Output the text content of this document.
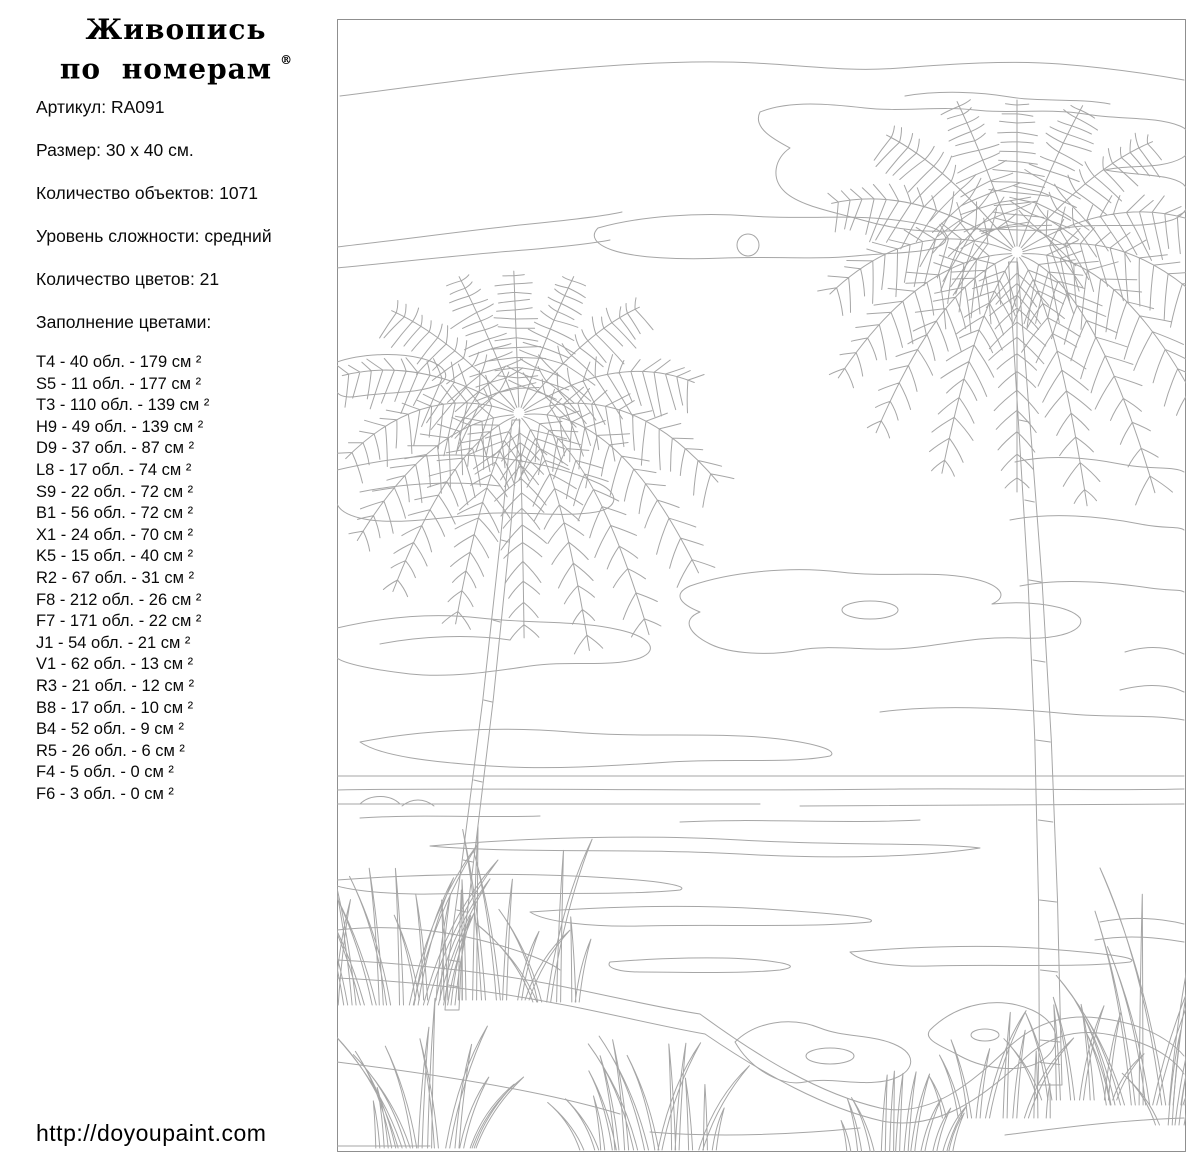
Живопись
по номерам ®

Артикул: RA091

Размер: 30 x 40 см.

Количество объектов: 1071

Уровень сложности: средний

Количество цветов: 21

Заполнение цветами:

T4 - 40 обл. - 179 см ²
S5 - 11 обл. - 177 см ²
T3 - 110 обл. - 139 см ²
H9 - 49 обл. - 139 см ²
D9 - 37 обл. - 87 см ²
L8 - 17 обл. - 74 см ²
S9 - 22 обл. - 72 см ²
B1 - 56 обл. - 72 см ²
X1 - 24 обл. - 70 см ²
K5 - 15 обл. - 40 см ²
R2 - 67 обл. - 31 см ²
F8 - 212 обл. - 26 см ²
F7 - 171 обл. - 22 см ²
J1 - 54 обл. - 21 см ²
V1 - 62 обл. - 13 см ²
R3 - 21 обл. - 12 см ²
B8 - 17 обл. - 10 см ²
B4 - 52 обл. - 9 см ²
R5 - 26 обл. - 6 см ²
F4 - 5 обл. - 0 см ²
F6 - 3 обл. - 0 см ²
http://doyoupaint.com
